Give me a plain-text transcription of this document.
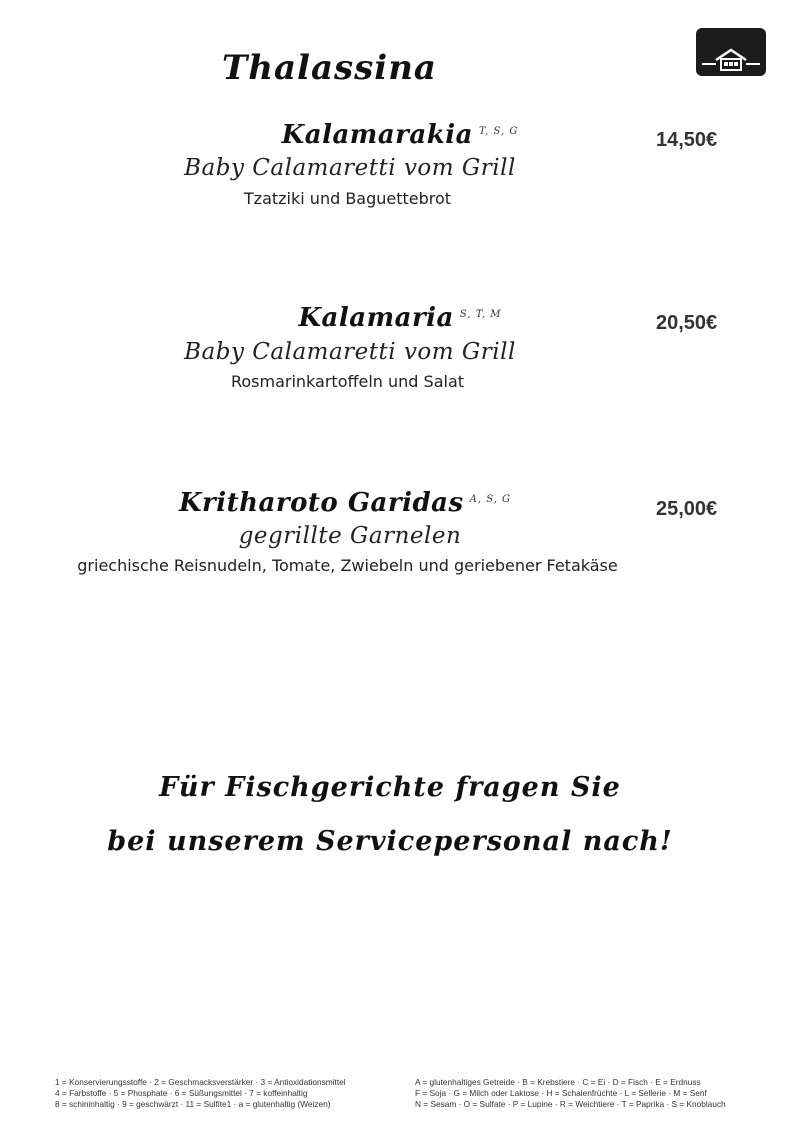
Thalassina
Kalamarakia $^{T, S, G}$
Baby Calamaretti vom Grill
Tzatziki und Baguettebrot
14,50€
Kalamaria $^{S, T, M}$
Baby Calamaretti vom Grill
Rosmarinkartoffeln und Salat
20,50€
Kritharoto Garidas $^{A, S, G}$
gegrillte Garnelen
griechische Reisnudeln, Tomate, Zwiebeln und geriebener Fetakäse
25,00€
Für Fischgerichte fragen Sie
bei unserem Servicepersonal nach!
1 = Konservierungsstoffe · 2 = Geschmacksverstärker · 3 = Antioxidationsmittel
4 = Farbstoffe · 5 = Phosphate · 6 = Süßungsmittel · 7 = koffeinhaltig
8 = schininhaltig · 9 = geschwärzt · 11 = Sulfite1 · a = glutenhaltig (Weizen)
A = glutenhaltiges Getreide · B = Krebstiere · C = Ei · D = Fisch · E = Erdnuss
F = Soja · G = Milch oder Laktose · H = Schalenfrüchte · L = Sellerie · M = Senf
N = Sesam · O = Sulfate · P = Lupine · R = Weichtiere · T = Paprika · S = Knoblauch
